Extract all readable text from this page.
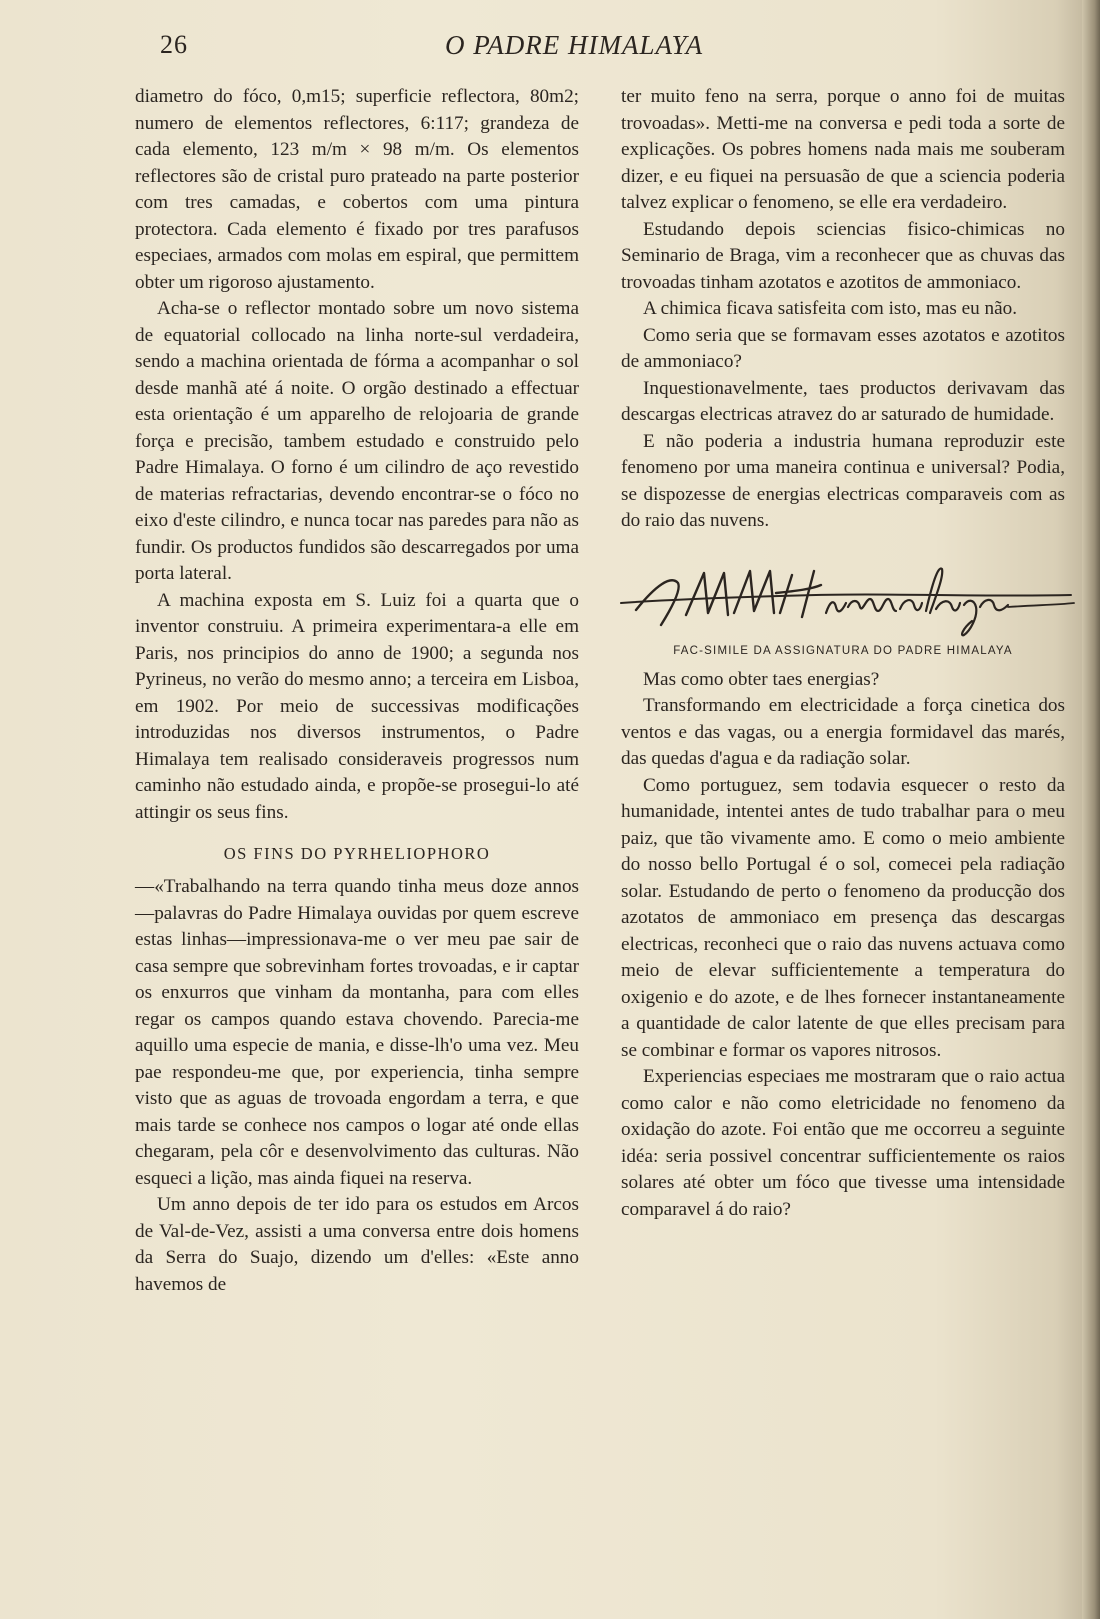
26	O PADRE HIMALAYA

diametro do fóco, 0,m15; superficie reflectora, 80m2; numero de elementos reflectores, 6:117; grandeza de cada elemento, 123 m/m × 98 m/m. Os elementos reflectores são de cristal puro prateado na parte posterior com tres camadas, e cobertos com uma pintura protectora. Cada elemento é fixado por tres parafusos especiaes, armados com molas em espiral, que permittem obter um rigoroso ajustamento.

Acha-se o reflector montado sobre um novo sistema de equatorial collocado na linha norte-sul verdadeira, sendo a machina orientada de fórma a acompanhar o sol desde manhã até á noite. O orgão destinado a effectuar esta orientação é um apparelho de relojoaria de grande força e precisão, tambem estudado e construido pelo Padre Himalaya. O forno é um cilindro de aço revestido de materias refractarias, devendo encontrar-se o fóco no eixo d'este cilindro, e nunca tocar nas paredes para não as fundir. Os productos fundidos são descarregados por uma porta lateral.

A machina exposta em S. Luiz foi a quarta que o inventor construiu. A primeira experimentara-a elle em Paris, nos principios do anno de 1900; a segunda nos Pyrineus, no verão do mesmo anno; a terceira em Lisboa, em 1902. Por meio de successivas modificações introduzidas nos diversos instrumentos, o Padre Himalaya tem realisado consideraveis progressos num caminho não estudado ainda, e propõe-se prosegui-lo até attingir os seus fins.

OS FINS DO PYRHELIOPHORO

—«Trabalhando na terra quando tinha meus doze annos—palavras do Padre Himalaya ouvidas por quem escreve estas linhas—impressionava-me o ver meu pae sair de casa sempre que sobrevinham fortes trovoadas, e ir captar os enxurros que vinham da montanha, para com elles regar os campos quando estava chovendo. Parecia-me aquillo uma especie de mania, e disse-lh'o uma vez. Meu pae respondeu-me que, por experiencia, tinha sempre visto que as aguas de trovoada engordam a terra, e que mais tarde se conhece nos campos o logar até onde ellas chegaram, pela côr e desenvolvimento das culturas. Não esqueci a lição, mas ainda fiquei na reserva.

Um anno depois de ter ido para os estudos em Arcos de Val-de-Vez, assisti a uma conversa entre dois homens da Serra do Suajo, dizendo um d'elles: «Este anno havemos de

ter muito feno na serra, porque o anno foi de muitas trovoadas». Metti-me na conversa e pedi toda a sorte de explicações. Os pobres homens nada mais me souberam dizer, e eu fiquei na persuasão de que a sciencia poderia talvez explicar o fenomeno, se elle era verdadeiro.

Estudando depois sciencias fisico-chimicas no Seminario de Braga, vim a reconhecer que as chuvas das trovoadas tinham azotatos e azotitos de ammoniaco.

A chimica ficava satisfeita com isto, mas eu não.

Como seria que se formavam esses azotatos e azotitos de ammoniaco?

Inquestionavelmente, taes productos derivavam das descargas electricas atravez do ar saturado de humidade.

E não poderia a industria humana reproduzir este fenomeno por uma maneira continua e universal? Podia, se dispozesse de energias electricas comparaveis com as do raio das nuvens.

FAC-SIMILE DA ASSIGNATURA DO PADRE HIMALAYA

Mas como obter taes energias?

Transformando em electricidade a força cinetica dos ventos e das vagas, ou a energia formidavel das marés, das quedas d'agua e da radiação solar.

Como portuguez, sem todavia esquecer o resto da humanidade, intentei antes de tudo trabalhar para o meu paiz, que tão vivamente amo. E como o meio ambiente do nosso bello Portugal é o sol, comecei pela radiação solar. Estudando de perto o fenomeno da producção dos azotatos de ammoniaco em presença das descargas electricas, reconheci que o raio das nuvens actuava como meio de elevar sufficientemente a temperatura do oxigenio e do azote, e de lhes fornecer instantaneamente a quantidade de calor latente de que elles precisam para se combinar e formar os vapores nitrosos.

Experiencias especiaes me mostraram que o raio actua como calor e não como eletricidade no fenomeno da oxidação do azote. Foi então que me occorreu a seguinte idéa: seria possivel concentrar sufficientemente os raios solares até obter um fóco que tivesse uma intensidade comparavel á do raio?
